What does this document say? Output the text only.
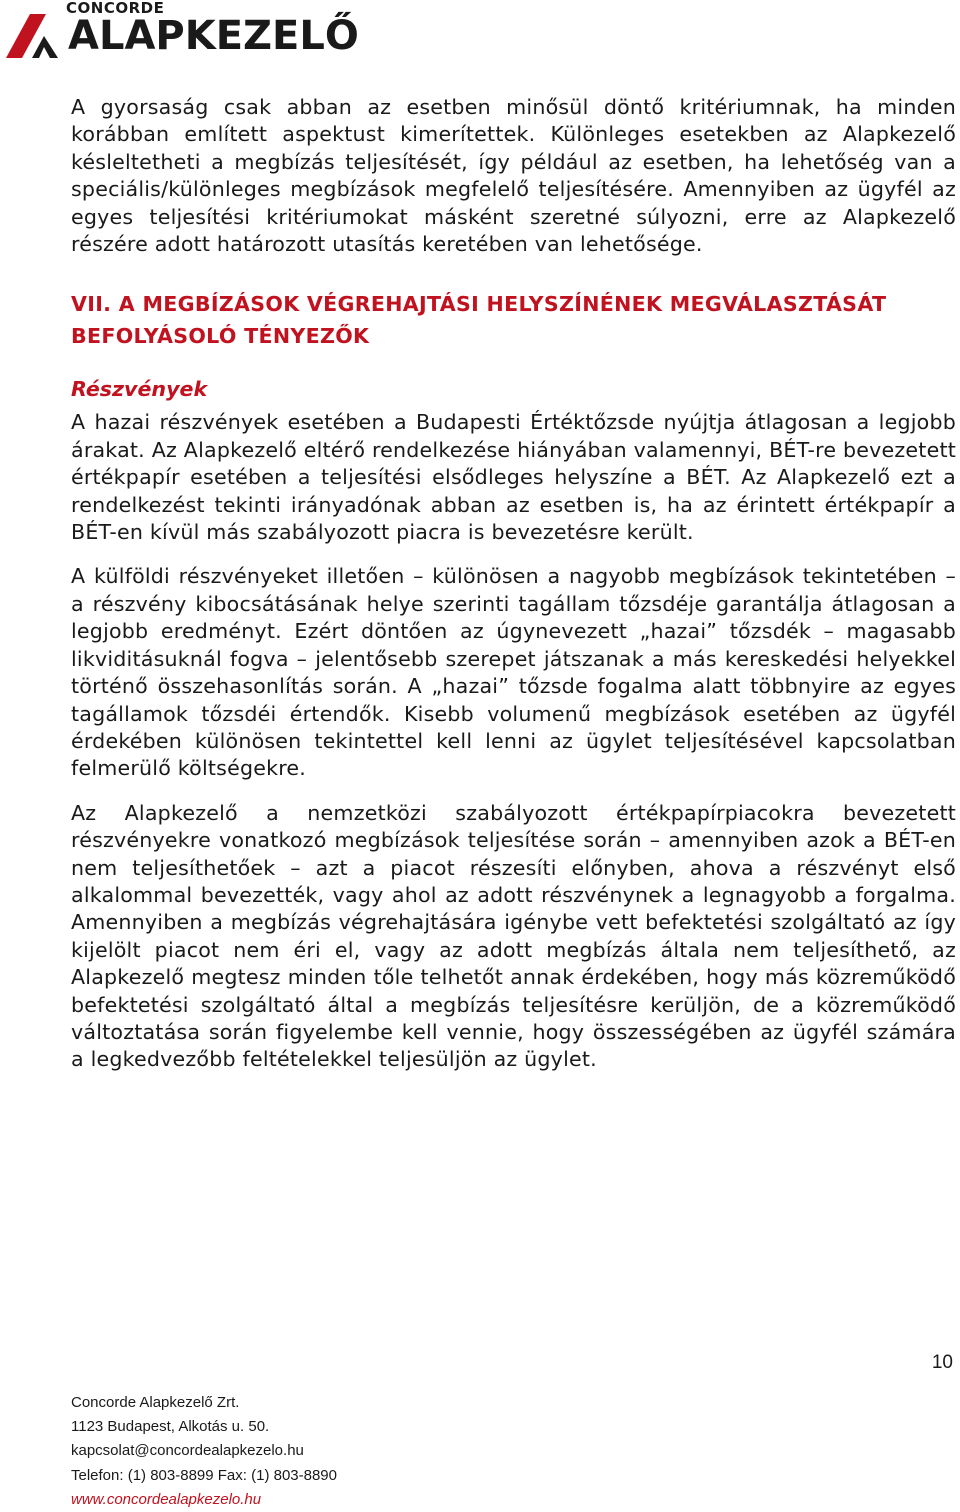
CONCORDE
ALAPKEZELŐ

A gyorsaság csak abban az esetben minősül döntő kritériumnak, ha minden korábban említett aspektust kimerítettek. Különleges esetekben az Alapkezelő késleltetheti a megbízás teljesítését, így például az esetben, ha lehetőség van a speciális/különleges megbízások megfelelő teljesítésére. Amennyiben az ügyfél az egyes teljesítési kritériumokat másként szeretné súlyozni, erre az Alapkezelő részére adott határozott utasítás keretében van lehetősége.

VII. A MEGBÍZÁSOK VÉGREHAJTÁSI HELYSZÍNÉNEK MEGVÁLASZTÁSÁT BEFOLYÁSOLÓ TÉNYEZŐK
Részvények

A hazai részvények esetében a Budapesti Értéktőzsde nyújtja átlagosan a legjobb árakat. Az Alapkezelő eltérő rendelkezése hiányában valamennyi, BÉT-re bevezetett értékpapír esetében a teljesítési elsődleges helyszíne a BÉT. Az Alapkezelő ezt a rendelkezést tekinti irányadónak abban az esetben is, ha az érintett értékpapír a BÉT-en kívül más szabályozott piacra is bevezetésre került.

A külföldi részvényeket illetően – különösen a nagyobb megbízások tekintetében – a részvény kibocsátásának helye szerinti tagállam tőzsdéje garantálja átlagosan a legjobb eredményt. Ezért döntően az úgynevezett „hazai” tőzsdék – magasabb likviditásuknál fogva – jelentősebb szerepet játszanak a más kereskedési helyekkel történő összehasonlítás során. A „hazai” tőzsde fogalma alatt többnyire az egyes tagállamok tőzsdéi értendők. Kisebb volumenű megbízások esetében az ügyfél érdekében különösen tekintettel kell lenni az ügylet teljesítésével kapcsolatban felmerülő költségekre.

Az Alapkezelő a nemzetközi szabályozott értékpapírpiacokra bevezetett részvényekre vonatkozó megbízások teljesítése során – amennyiben azok a BÉT-en nem teljesíthetőek – azt a piacot részesíti előnyben, ahova a részvényt első alkalommal bevezették, vagy ahol az adott részvénynek a legnagyobb a forgalma. Amennyiben a megbízás végrehajtására igénybe vett befektetési szolgáltató az így kijelölt piacot nem éri el, vagy az adott megbízás általa nem teljesíthető, az Alapkezelő megtesz minden tőle telhetőt annak érdekében, hogy más közreműködő befektetési szolgáltató által a megbízás teljesítésre kerüljön, de a közreműködő változtatása során figyelembe kell vennie, hogy összességében az ügyfél számára a legkedvezőbb feltételekkel teljesüljön az ügylet.

10
Concorde Alapkezelő Zrt.
1123 Budapest, Alkotás u. 50.
kapcsolat@concordealapkezelo.hu
Telefon: (1) 803-8899 Fax: (1) 803-8890
www.concordealapkezelo.hu
